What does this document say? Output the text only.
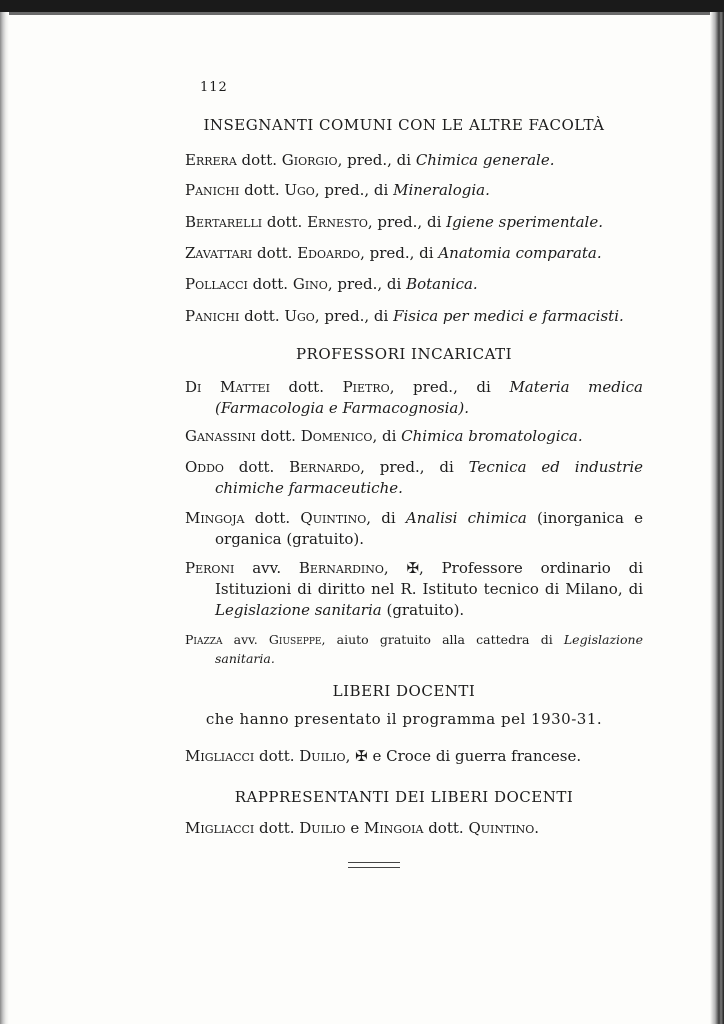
112
INSEGNANTI COMUNI CON LE ALTRE FACOLTÀ
Errera dott. Giorgio, pred., di Chimica generale.
Panichi dott. Ugo, pred., di Mineralogia.
Bertarelli dott. Ernesto, pred., di Igiene sperimentale.
Zavattari dott. Edoardo, pred., di Anatomia comparata.
Pollacci dott. Gino, pred., di Botanica.
Panichi dott. Ugo, pred., di Fisica per medici e farmacisti.
PROFESSORI INCARICATI
Di Mattei dott. Pietro, pred., di Materia medica (Farmacologia e Farmacognosia).
Ganassini dott. Domenico, di Chimica bromatologica.
Oddo dott. Bernardo, pred., di Tecnica ed industrie chimiche farmaceutiche.
Mingoja dott. Quintino, di Analisi chimica (inorganica e organica (gratuito).
Peroni avv. Bernardino, ✠, Professore ordinario di Istituzioni di diritto nel R. Istituto tecnico di Milano, di Legislazione sanitaria (gratuito).
Piazza avv. Giuseppe, aiuto gratuito alla cattedra di Legislazione sanitaria.
LIBERI DOCENTI
che hanno presentato il programma pel 1930-31.
Migliacci dott. Duilio, ✠ e Croce di guerra francese.
RAPPRESENTANTI DEI LIBERI DOCENTI
Migliacci dott. Duilio e Mingoia dott. Quintino.
